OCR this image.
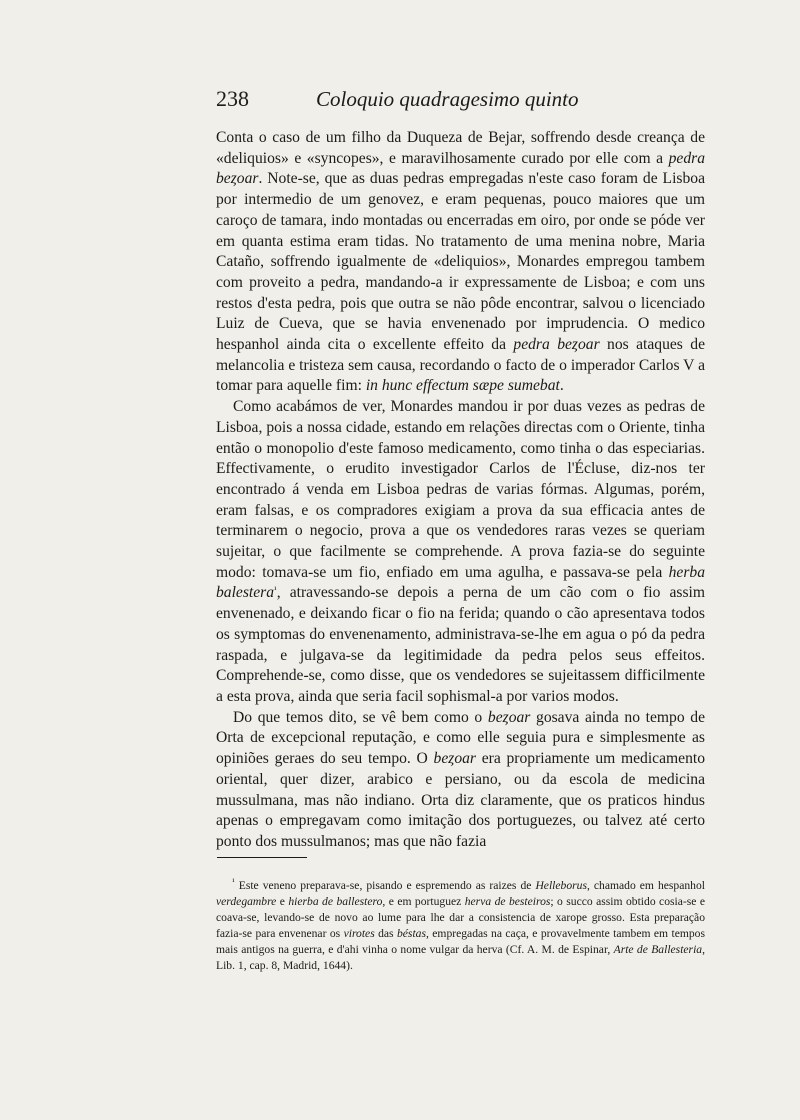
238	Coloquio quadragesimo quinto

Conta o caso de um filho da Duqueza de Bejar, soffrendo desde creança de «deliquios» e «syncopes», e maravilhosamente curado por elle com a pedra beȥoar. Note-se, que as duas pedras empregadas n'este caso foram de Lisboa por intermedio de um genovez, e eram pequenas, pouco maiores que um caroço de tamara, indo montadas ou encerradas em oiro, por onde se póde ver em quanta estima eram tidas. No tratamento de uma menina nobre, Maria Cataño, soffrendo igualmente de «deliquios», Monardes empregou tambem com proveito a pedra, mandando-a ir expressamente de Lisboa; e com uns restos d'esta pedra, pois que outra se não pôde encontrar, salvou o licenciado Luiz de Cueva, que se havia envenenado por imprudencia. O medico hespanhol ainda cita o excellente effeito da pedra beȥoar nos ataques de melancolia e tristeza sem causa, recordando o facto de o imperador Carlos V a tomar para aquelle fim: in hunc effectum sæpe sumebat.

Como acabámos de ver, Monardes mandou ir por duas vezes as pedras de Lisboa, pois a nossa cidade, estando em relações directas com o Oriente, tinha então o monopolio d'este famoso medicamento, como tinha o das especiarias. Effectivamente, o erudito investigador Carlos de l'Écluse, diz-nos ter encontrado á venda em Lisboa pedras de varias fórmas. Algumas, porém, eram falsas, e os compradores exigiam a prova da sua efficacia antes de terminarem o negocio, prova a que os vendedores raras vezes se queriam sujeitar, o que facilmente se comprehende. A prova fazia-se do seguinte modo: tomava-se um fio, enfiado em uma agulha, e passava-se pela herba balestera$^{^1}$, atravessando-se depois a perna de um cão com o fio assim envenenado, e deixando ficar o fio na ferida; quando o cão apresentava todos os symptomas do envenenamento, administrava-se-lhe em agua o pó da pedra raspada, e julgava-se da legitimidade da pedra pelos seus effeitos. Comprehende-se, como disse, que os vendedores se sujeitassem difficilmente a esta prova, ainda que seria facil sophismal-a por varios modos.

Do que temos dito, se vê bem como o beȥoar gosava ainda no tempo de Orta de excepcional reputação, e como elle seguia pura e simplesmente as opiniões geraes do seu tempo. O beȥoar era propriamente um medicamento oriental, quer dizer, arabico e persiano, ou da escola de medicina mussulmana, mas não indiano. Orta diz claramente, que os praticos hindus apenas o empregavam como imitação dos portuguezes, ou talvez até certo ponto dos mussulmanos; mas que não fazia

$^{^1}$ Este veneno preparava-se, pisando e espremendo as raizes de Helleborus, chamado em hespanhol verdegambre e hierba de ballestero, e em portuguez herva de besteiros; o succo assim obtido cosia-se e coava-se, levando-se de novo ao lume para lhe dar a consistencia de xarope grosso. Esta preparação fazia-se para envenenar os virotes das béstas, empregadas na caça, e provavelmente tambem em tempos mais antigos na guerra, e d'ahi vinha o nome vulgar da herva (Cf. A. M. de Espinar, Arte de Ballesteria, Lib. 1, cap. 8, Madrid, 1644).
